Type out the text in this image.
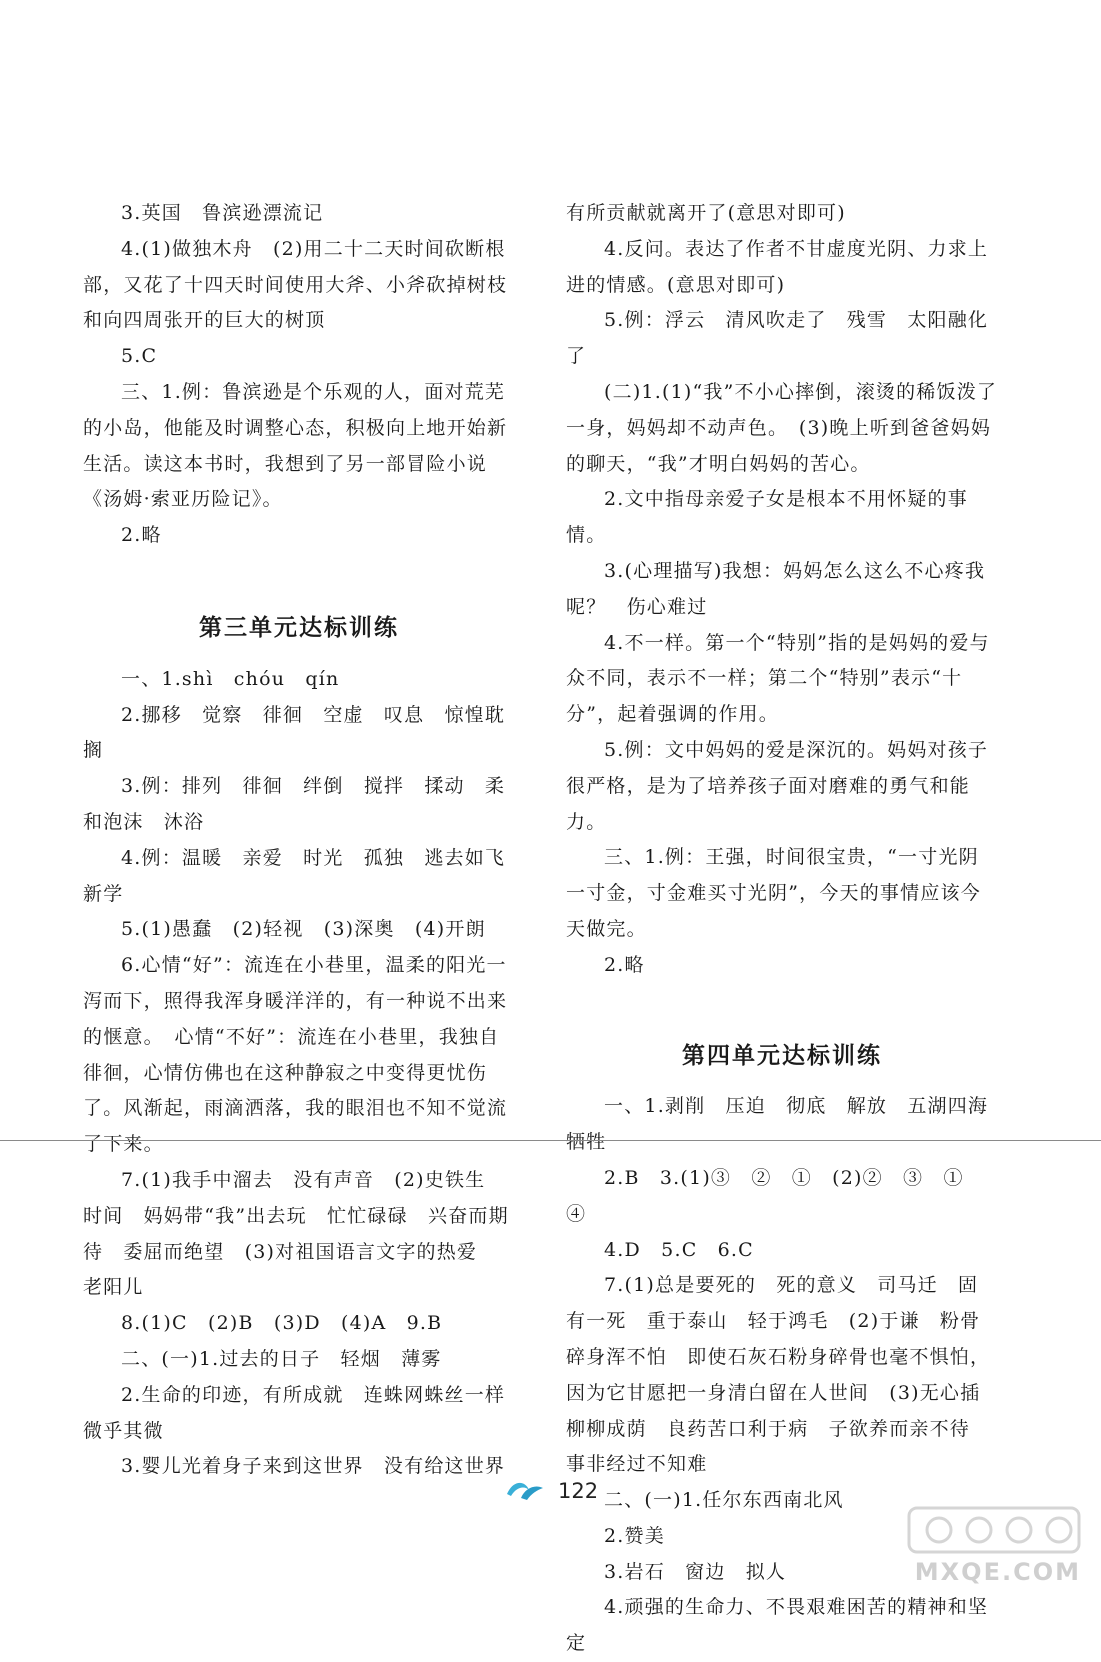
3.英国　鲁滨逊漂流记

4.(1)做独木舟　(2)用二十二天时间砍断根部，又花了十四天时间使用大斧、小斧砍掉树枝和向四周张开的巨大的树顶

5.C

三、1.例：鲁滨逊是个乐观的人，面对荒芜的小岛，他能及时调整心态，积极向上地开始新生活。读这本书时，我想到了另一部冒险小说《汤姆·索亚历险记》。

2.略

第三单元达标训练

一、1.shì　chóu　qín

2.挪移　觉察　徘徊　空虚　叹息　惊惶耽搁

3.例：排列　徘徊　绊倒　搅拌　揉动　柔和泡沫　沐浴

4.例：温暖　亲爱　时光　孤独　逃去如飞新学

5.(1)愚蠢　(2)轻视　(3)深奥　(4)开朗

6.心情“好”：流连在小巷里，温柔的阳光一泻而下，照得我浑身暖洋洋的，有一种说不出来的惬意。　心情“不好”：流连在小巷里，我独自徘徊，心情仿佛也在这种静寂之中变得更忧伤了。风渐起，雨滴洒落，我的眼泪也不知不觉流了下来。

7.(1)我手中溜去　没有声音　(2)史铁生　时间　妈妈带“我”出去玩　忙忙碌碌　兴奋而期待　委屈而绝望　(3)对祖国语言文字的热爱　老阳儿

8.(1)C　(2)B　(3)D　(4)A　9.B

二、(一)1.过去的日子　轻烟　薄雾

2.生命的印迹，有所成就　连蛛网蛛丝一样微乎其微

3.婴儿光着身子来到这世界　没有给这世界

有所贡献就离开了(意思对即可)

4.反问。表达了作者不甘虚度光阴、力求上进的情感。(意思对即可)

5.例：浮云　清风吹走了　残雪　太阳融化了

(二)1.(1)“我”不小心摔倒，滚烫的稀饭泼了一身，妈妈却不动声色。　(3)晚上听到爸爸妈妈的聊天，“我”才明白妈妈的苦心。

2.文中指母亲爱子女是根本不用怀疑的事情。

3.(心理描写)我想：妈妈怎么这么不心疼我呢？　伤心难过

4.不一样。第一个“特别”指的是妈妈的爱与众不同，表示不一样；第二个“特别”表示“十分”，起着强调的作用。

5.例：文中妈妈的爱是深沉的。妈妈对孩子很严格，是为了培养孩子面对磨难的勇气和能力。

三、1.例：王强，时间很宝贵，“一寸光阴一寸金，寸金难买寸光阴”，今天的事情应该今天做完。

2.略

第四单元达标训练

一、1.剥削　压迫　彻底　解放　五湖四海牺牲

2.B　3.(1)③　②　①　(2)②　③　①　④

4.D　5.C　6.C

7.(1)总是要死的　死的意义　司马迁　固有一死　重于泰山　轻于鸿毛　(2)于谦　粉骨碎身浑不怕　即使石灰石粉身碎骨也毫不惧怕，因为它甘愿把一身清白留在人世间　(3)无心插柳柳成荫　良药苦口利于病　子欲养而亲不待　事非经过不知难

二、(一)1.任尔东西南北风

2.赞美

3.岩石　窗边　拟人

4.顽强的生命力、不畏艰难困苦的精神和坚定

122
MXQE.COM
